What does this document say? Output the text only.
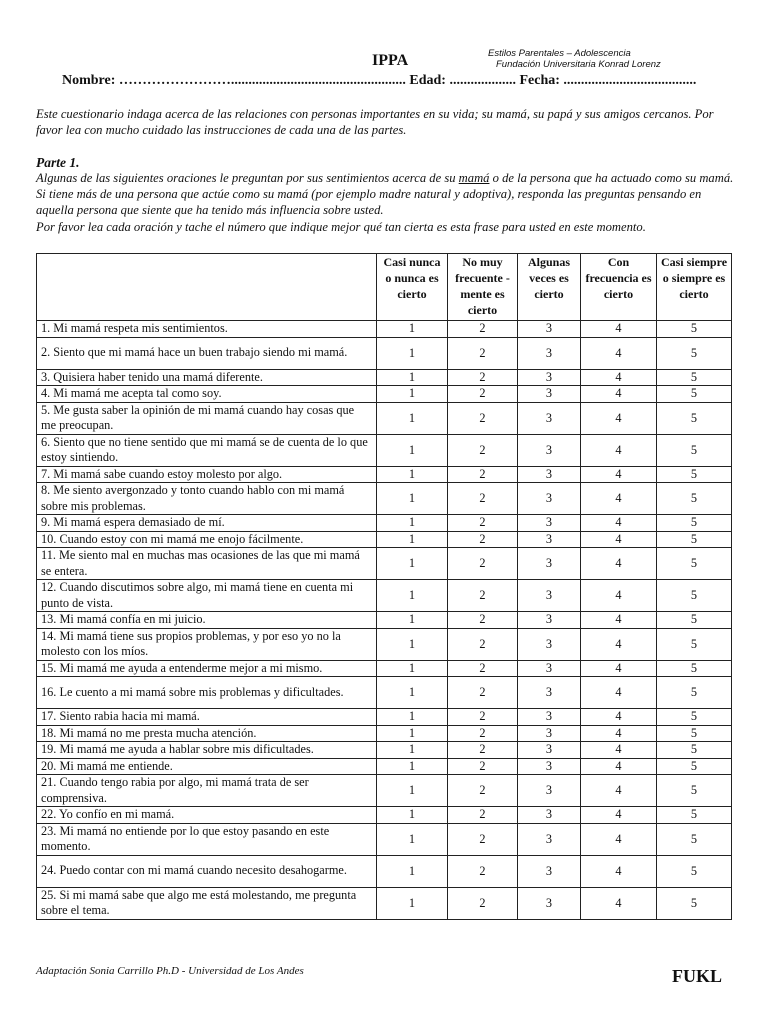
IPPA	Estilos Parentales – Adolescencia
Fundación Universitaria Konrad Lorenz
Nombre: …………………….................................................. Edad: ................... Fecha: ......................................
Este cuestionario indaga acerca de las relaciones con personas importantes en su vida; su mamá, su papá y sus amigos cercanos. Por favor lea con mucho cuidado las instrucciones de cada una de las partes.
Parte 1.
Algunas de las siguientes oraciones le preguntan por sus sentimientos acerca de su mamá o de la persona que ha actuado como su mamá. Si tiene más de una persona que actúe como su mamá (por ejemplo madre natural y adoptiva), responda las preguntas pensando en aquella persona que siente que ha tenido más influencia sobre usted.
Por favor lea cada oración y tache el número que indique mejor qué tan cierta es esta frase para usted en este momento.
	Casi nunca o nunca es cierto	No muy frecuente -mente es cierto	Algunas veces es cierto	Con frecuencia es cierto	Casi siempre o siempre es cierto
1. Mi mamá respeta mis sentimientos.	1	2	3	4	5
2. Siento que mi mamá hace un buen trabajo siendo mi mamá.	1	2	3	4	5
3. Quisiera haber tenido una mamá diferente.	1	2	3	4	5
4. Mi mamá me acepta tal como soy.	1	2	3	4	5
5. Me gusta saber la opinión de mi mamá cuando hay cosas que me preocupan.	1	2	3	4	5
6. Siento que no tiene sentido que mi mamá se de cuenta de lo que estoy sintiendo.	1	2	3	4	5
7. Mi mamá sabe cuando estoy molesto por algo.	1	2	3	4	5
8. Me siento avergonzado y tonto cuando hablo con mi mamá sobre mis problemas.	1	2	3	4	5
9. Mi mamá espera demasiado de mí.	1	2	3	4	5
10. Cuando estoy con mi mamá me enojo fácilmente.	1	2	3	4	5
11. Me siento mal en muchas mas ocasiones de las que mi mamá se entera.	1	2	3	4	5
12. Cuando discutimos sobre algo, mi mamá tiene en cuenta mi punto de vista.	1	2	3	4	5
13. Mi mamá confía en mi juicio.	1	2	3	4	5
14. Mi mamá tiene sus propios problemas, y por eso yo no la molesto con los míos.	1	2	3	4	5
15. Mi mamá me ayuda a entenderme mejor a mi mismo.	1	2	3	4	5
16. Le cuento a mi mamá sobre mis problemas y dificultades.	1	2	3	4	5
17. Siento rabia hacia mi mamá.	1	2	3	4	5
18. Mi mamá no me presta mucha atención.	1	2	3	4	5
19. Mi mamá me ayuda a hablar sobre mis dificultades.	1	2	3	4	5
20. Mi mamá me entiende.	1	2	3	4	5
21. Cuando tengo rabia por algo, mi mamá trata de ser comprensiva.	1	2	3	4	5
22. Yo confío en mi mamá.	1	2	3	4	5
23. Mi mamá no entiende por lo que estoy pasando en este momento.	1	2	3	4	5
24. Puedo contar con mi mamá cuando necesito desahogarme.	1	2	3	4	5
25. Si mi mamá sabe que algo me está molestando, me pregunta sobre el tema.	1	2	3	4	5
Adaptación Sonia Carrillo Ph.D - Universidad de Los Andes	FUKL
